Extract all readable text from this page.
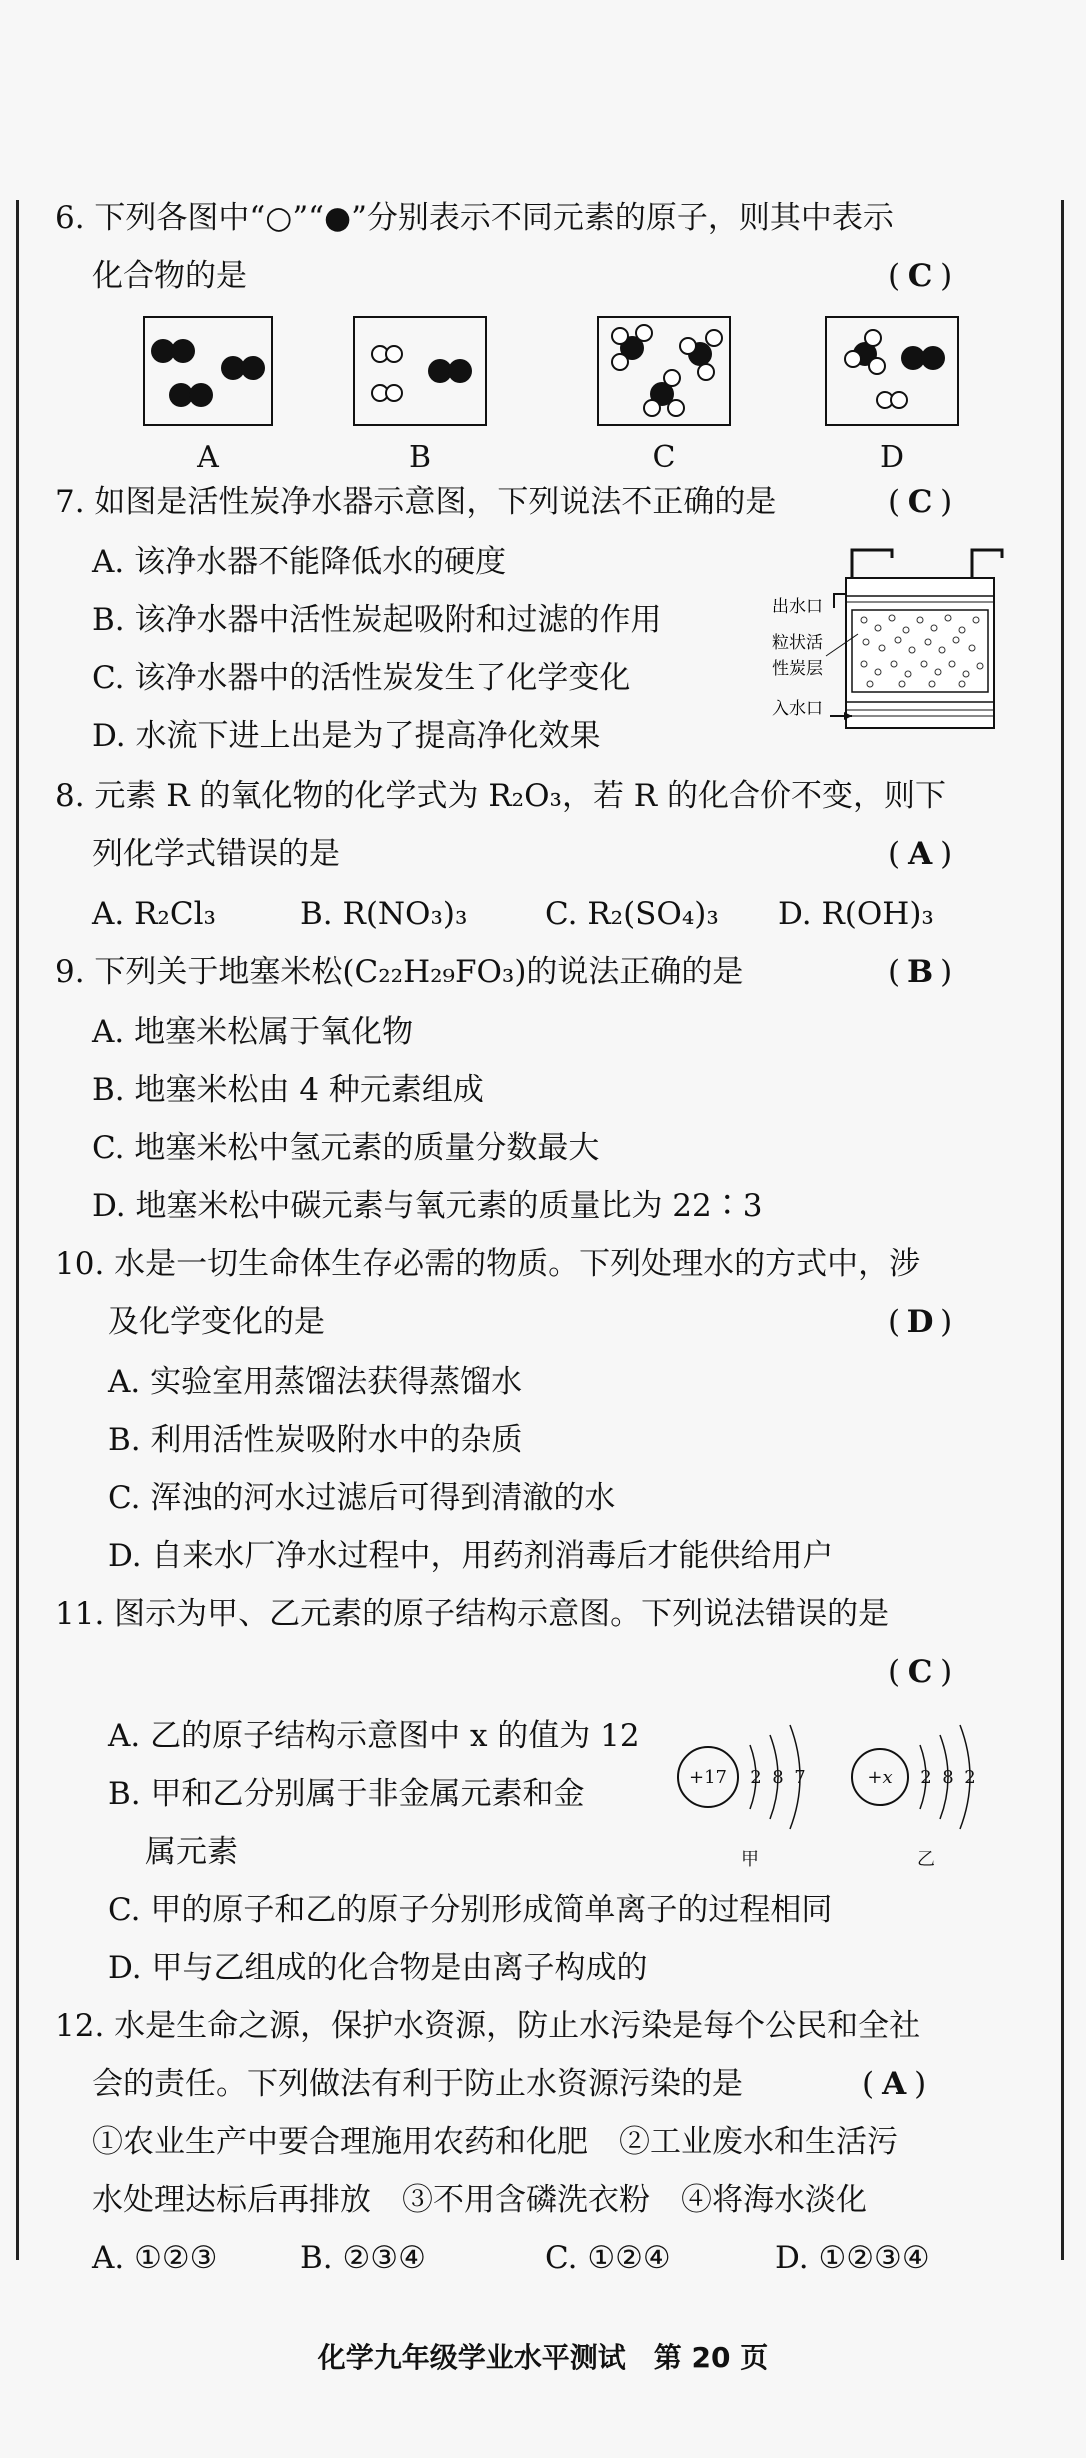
6. 下列各图中“○”“●”分别表示不同元素的原子，则其中表示
化合物的是	( C )
A	B	C	D
7. 如图是活性炭净水器示意图，下列说法不正确的是	( C )
A. 该净水器不能降低水的硬度
B. 该净水器中活性炭起吸附和过滤的作用
C. 该净水器中的活性炭发生了化学变化
D. 水流下进上出是为了提高净化效果
出水口
粒状活
性炭层
入水口
8. 元素 R 的氧化物的化学式为 R₂O₃，若 R 的化合价不变，则下
列化学式错误的是	( A )
A. R₂Cl₃	B. R(NO₃)₃	C. R₂(SO₄)₃ D. R(OH)₃
9. 下列关于地塞米松(C₂₂H₂₉FO₃)的说法正确的是	( B )
A. 地塞米松属于氧化物
B. 地塞米松由 4 种元素组成
C. 地塞米松中氢元素的质量分数最大
D. 地塞米松中碳元素与氧元素的质量比为 22∶3
10. 水是一切生命体生存必需的物质。下列处理水的方式中，涉
及化学变化的是	( D )
A. 实验室用蒸馏法获得蒸馏水
B. 利用活性炭吸附水中的杂质
C. 浑浊的河水过滤后可得到清澈的水
D. 自来水厂净水过程中，用药剂消毒后才能供给用户
11. 图示为甲、乙元素的原子结构示意图。下列说法错误的是
( C )
A. 乙的原子结构示意图中 x 的值为 12
B. 甲和乙分别属于非金属元素和金
属元素
C. 甲的原子和乙的原子分别形成简单离子的过程相同
D. 甲与乙组成的化合物是由离子构成的
+17 2 8 7
甲
+x 2 8 2
乙
12. 水是生命之源，保护水资源，防止水污染是每个公民和全社
会的责任。下列做法有利于防止水资源污染的是	( A )
①农业生产中要合理施用农药和化肥　②工业废水和生活污
水处理达标后再排放　③不用含磷洗衣粉　④将海水淡化
A. ①②③	B. ②③④	C. ①②④	D. ①②③④
化学九年级学业水平测试　第 20 页
